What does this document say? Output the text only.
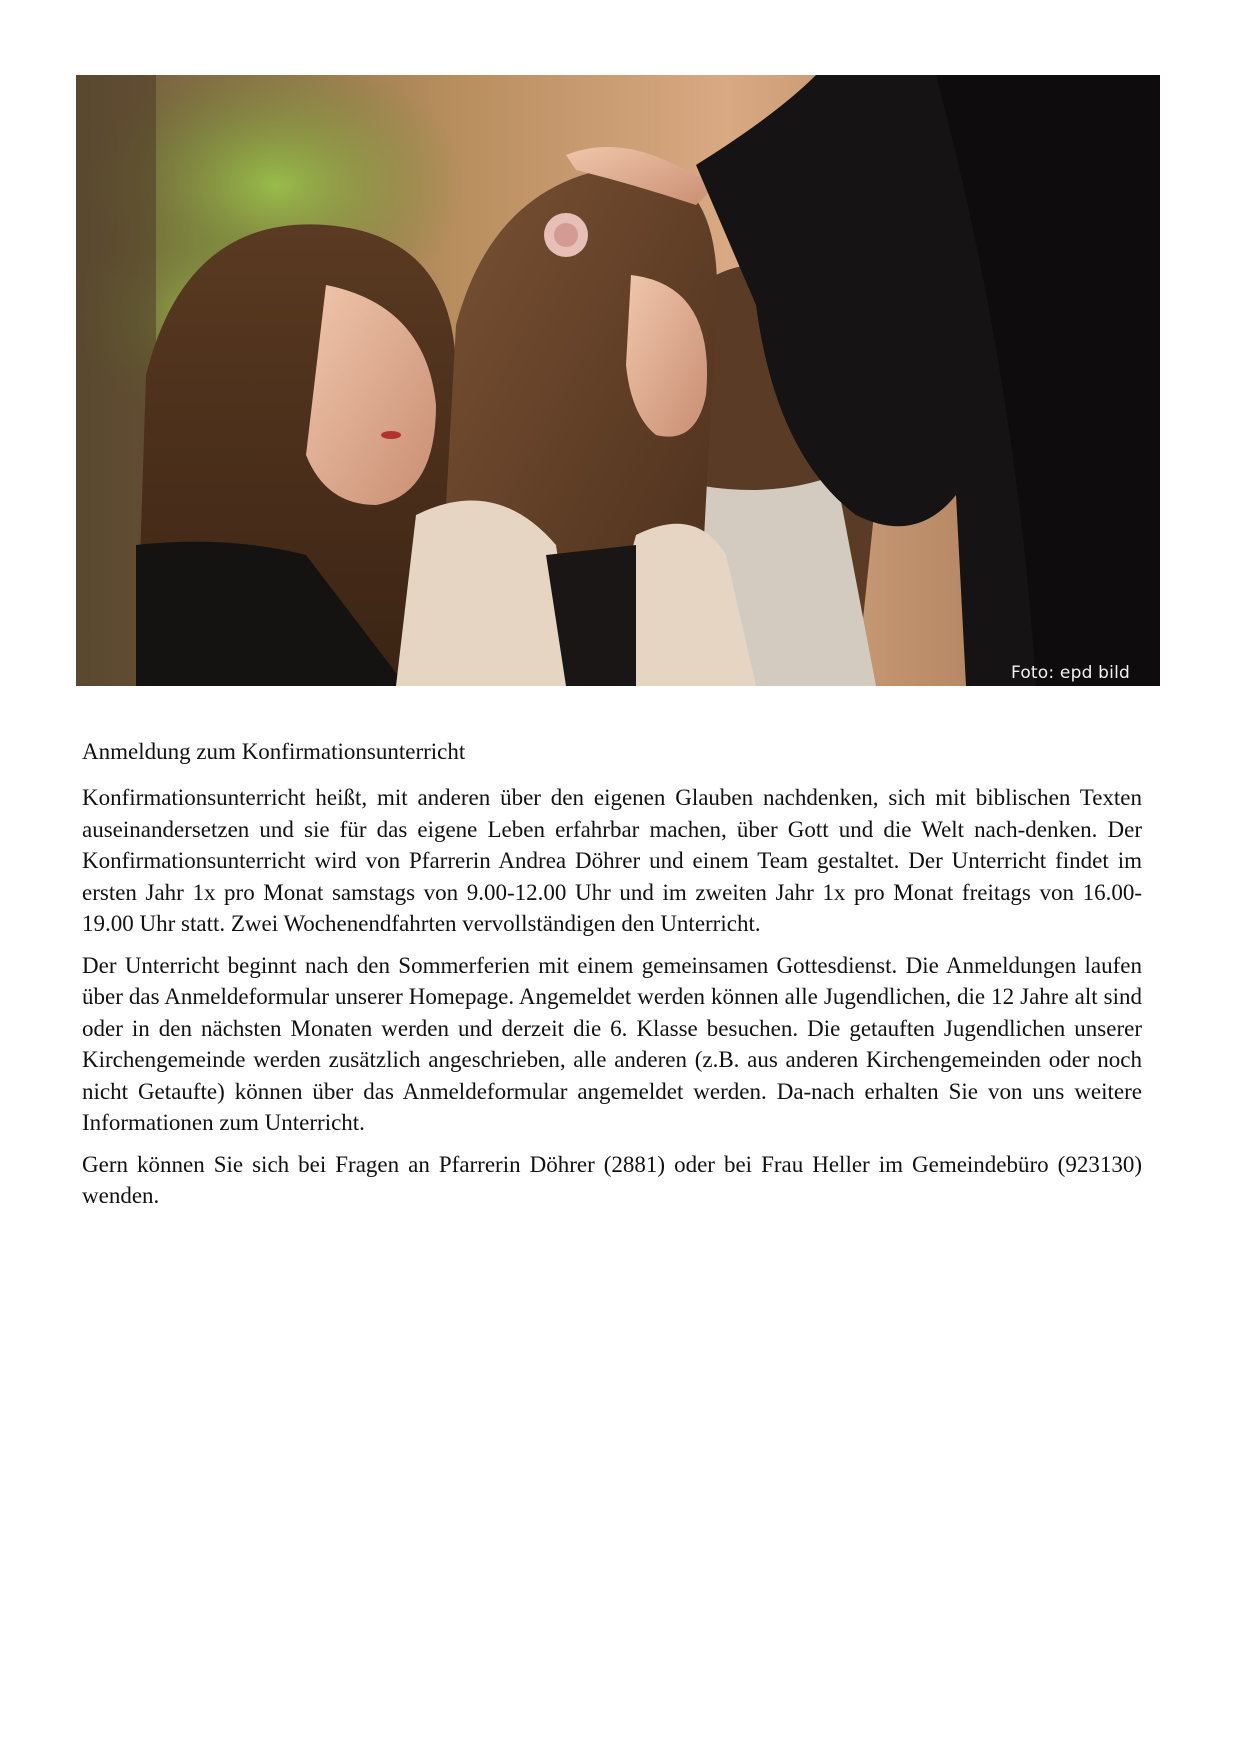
Foto: epd bild
Anmeldung zum Konfirmationsunterricht

Konfirmationsunterricht heißt, mit anderen über den eigenen Glauben nachdenken, sich mit biblischen Texten auseinandersetzen und sie für das eigene Leben erfahrbar machen, über Gott und die Welt nach-denken. Der Konfirmationsunterricht wird von Pfarrerin Andrea Döhrer und einem Team gestaltet. Der Unterricht findet im ersten Jahr 1x pro Monat samstags von 9.00-12.00 Uhr und im zweiten Jahr 1x pro Monat freitags von 16.00-19.00 Uhr statt. Zwei Wochenendfahrten vervollständigen den Unterricht.

Der Unterricht beginnt nach den Sommerferien mit einem gemeinsamen Gottesdienst. Die Anmeldungen laufen über das Anmeldeformular unserer Homepage. Angemeldet werden können alle Jugendlichen, die 12 Jahre alt sind oder in den nächsten Monaten werden und derzeit die 6. Klasse besuchen. Die getauften Jugendlichen unserer Kirchengemeinde werden zusätzlich angeschrieben, alle anderen (z.B. aus anderen Kirchengemeinden oder noch nicht Getaufte) können über das Anmeldeformular angemeldet werden. Da-nach erhalten Sie von uns weitere Informationen zum Unterricht.

Gern können Sie sich bei Fragen an Pfarrerin Döhrer (2881) oder bei Frau Heller im Gemeindebüro (923130) wenden.
